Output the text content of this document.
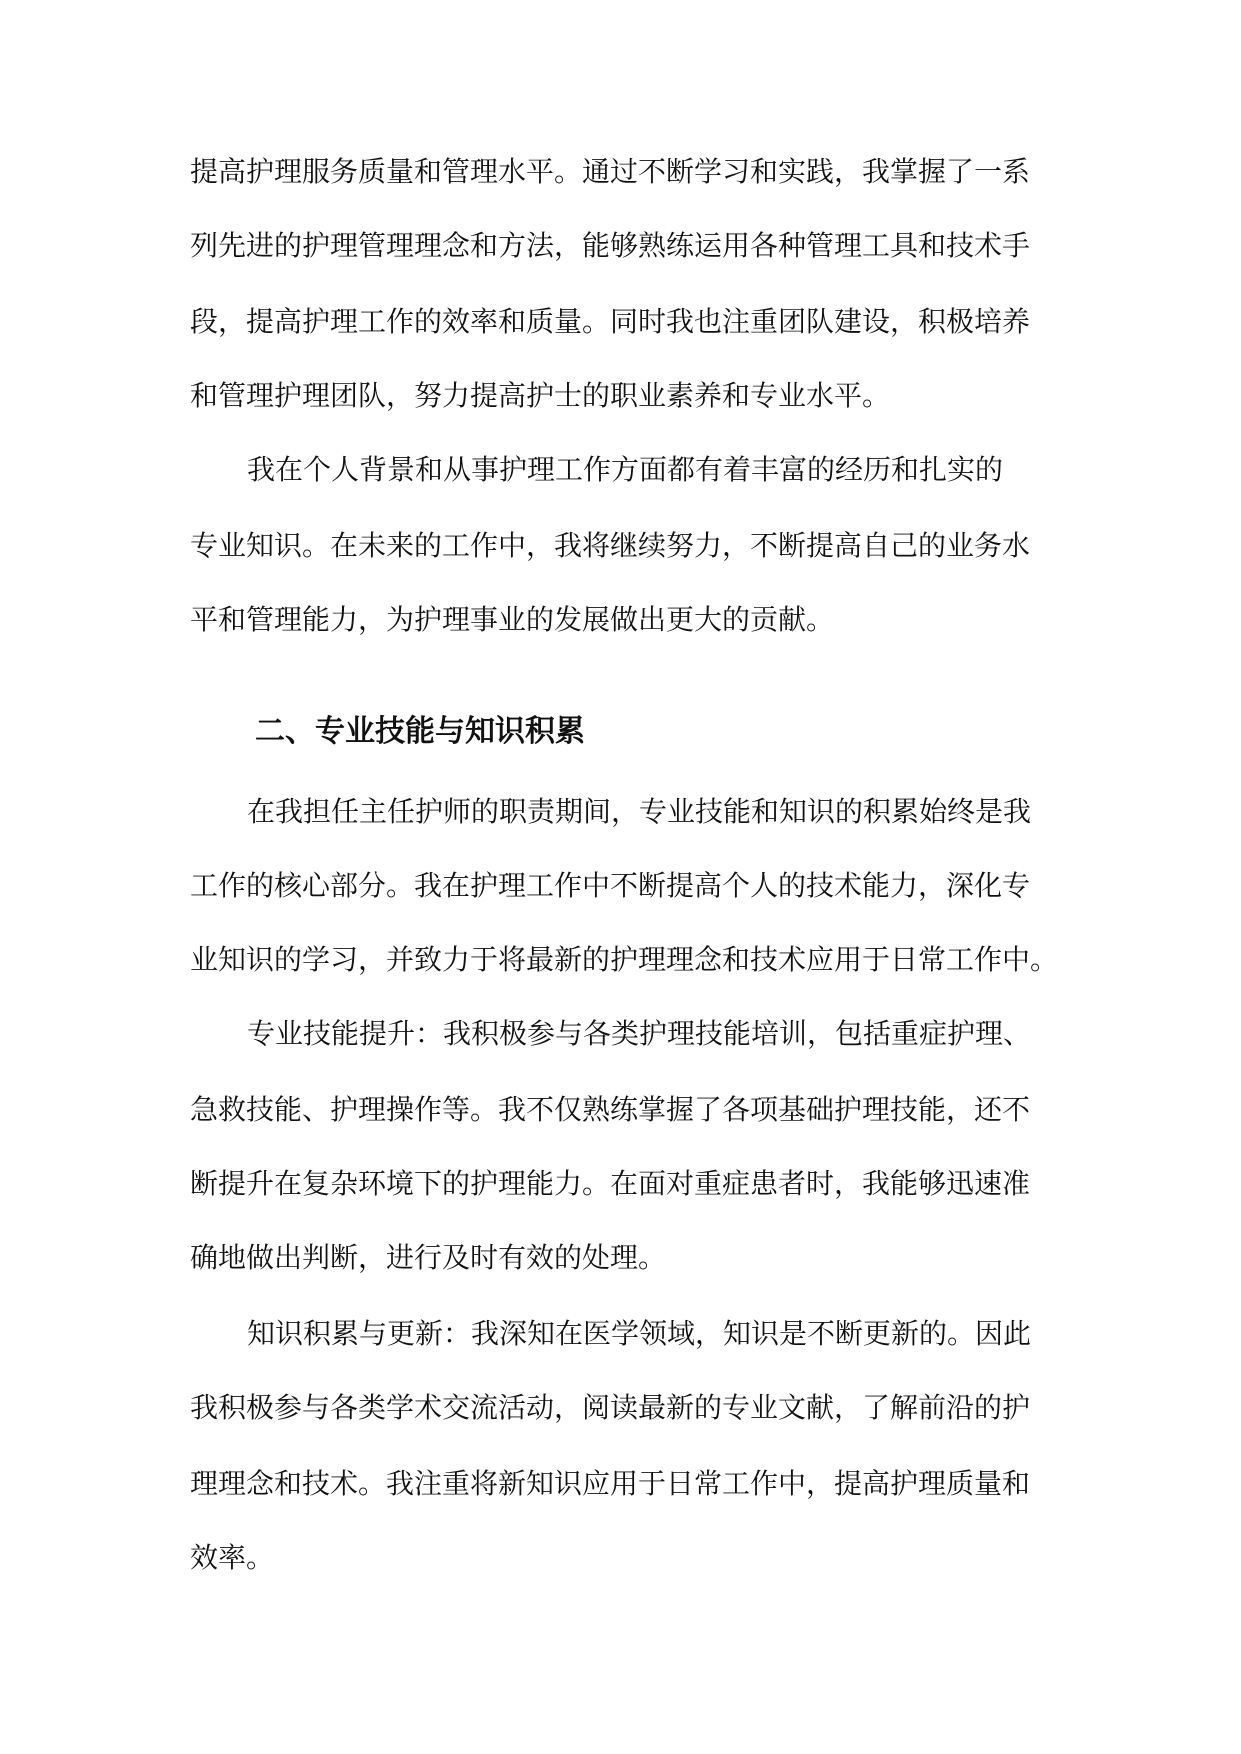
提高护理服务质量和管理水平。通过不断学习和实践，我掌握了一系

列先进的护理管理理念和方法，能够熟练运用各种管理工具和技术手

段，提高护理工作的效率和质量。同时我也注重团队建设，积极培养

和管理护理团队，努力提高护士的职业素养和专业水平。

我在个人背景和从事护理工作方面都有着丰富的经历和扎实的

专业知识。在未来的工作中，我将继续努力，不断提高自己的业务水

平和管理能力，为护理事业的发展做出更大的贡献。

二、专业技能与知识积累

在我担任主任护师的职责期间，专业技能和知识的积累始终是我

工作的核心部分。我在护理工作中不断提高个人的技术能力，深化专

业知识的学习，并致力于将最新的护理理念和技术应用于日常工作中。

专业技能提升：我积极参与各类护理技能培训，包括重症护理、

急救技能、护理操作等。我不仅熟练掌握了各项基础护理技能，还不

断提升在复杂环境下的护理能力。在面对重症患者时，我能够迅速准

确地做出判断，进行及时有效的处理。

知识积累与更新：我深知在医学领域，知识是不断更新的。因此

我积极参与各类学术交流活动，阅读最新的专业文献，了解前沿的护

理理念和技术。我注重将新知识应用于日常工作中，提高护理质量和

效率。
